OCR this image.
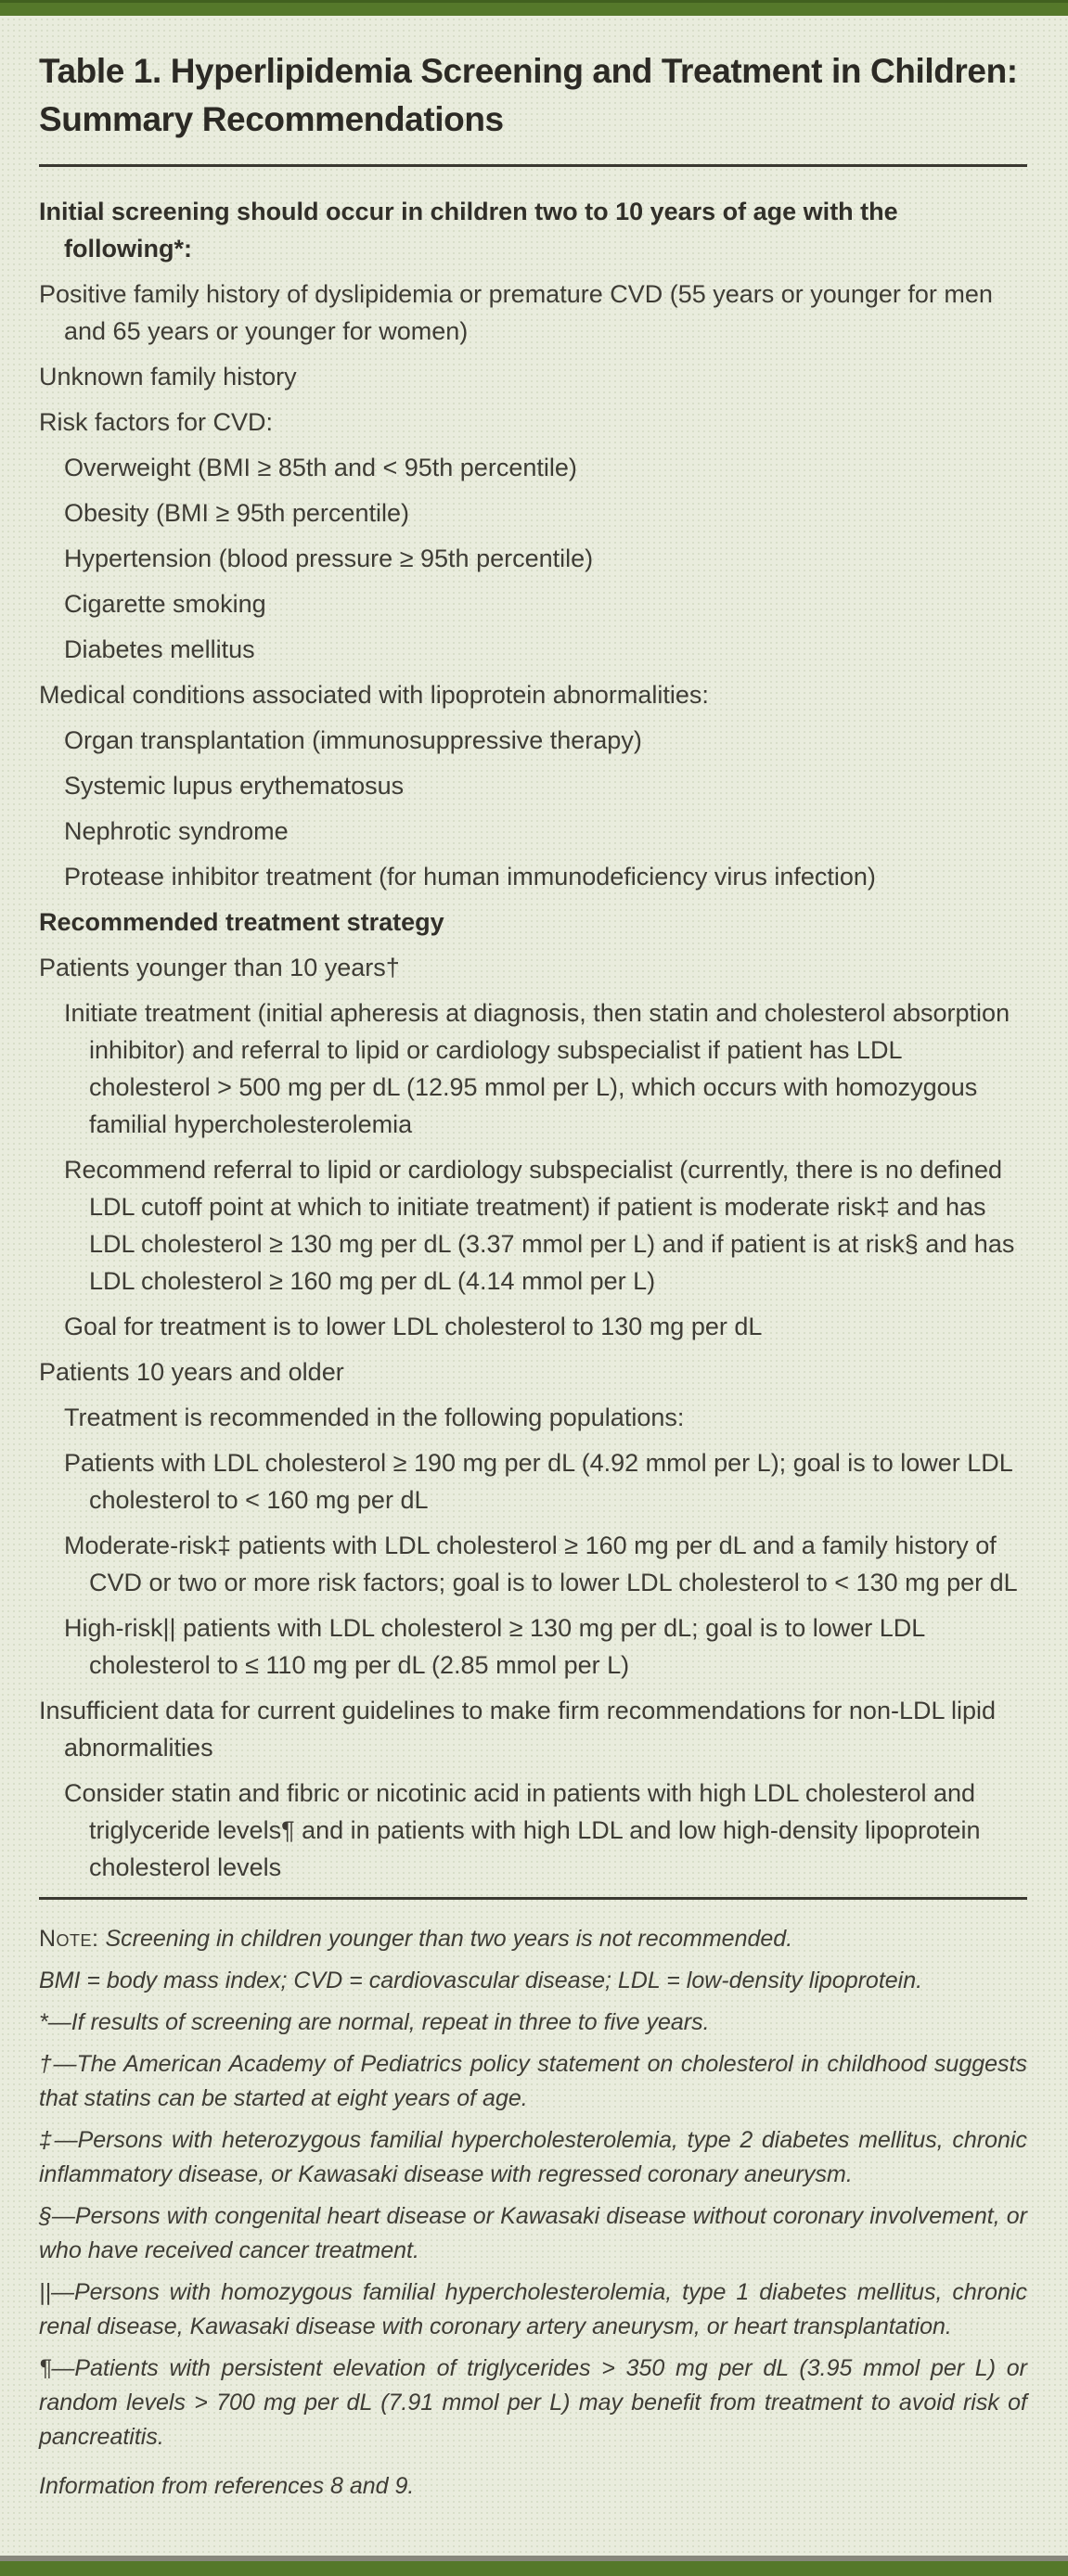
Table 1. Hyperlipidemia Screening and Treatment in Children: Summary Recommendations

Initial screening should occur in children two to 10 years of age with the following*:

Positive family history of dyslipidemia or premature CVD (55 years or younger for men and 65 years or younger for women)

Unknown family history

Risk factors for CVD:

Overweight (BMI ≥ 85th and < 95th percentile)

Obesity (BMI ≥ 95th percentile)

Hypertension (blood pressure ≥ 95th percentile)

Cigarette smoking

Diabetes mellitus

Medical conditions associated with lipoprotein abnormalities:

Organ transplantation (immunosuppressive therapy)

Systemic lupus erythematosus

Nephrotic syndrome

Protease inhibitor treatment (for human immunodeficiency virus infection)

Recommended treatment strategy

Patients younger than 10 years†

Initiate treatment (initial apheresis at diagnosis, then statin and cholesterol absorption inhibitor) and referral to lipid or cardiology subspecialist if patient has LDL cholesterol > 500 mg per dL (12.95 mmol per L), which occurs with homozygous familial hypercholesterolemia

Recommend referral to lipid or cardiology subspecialist (currently, there is no defined LDL cutoff point at which to initiate treatment) if patient is moderate risk‡ and has LDL cholesterol ≥ 130 mg per dL (3.37 mmol per L) and if patient is at risk§ and has LDL cholesterol ≥ 160 mg per dL (4.14 mmol per L)

Goal for treatment is to lower LDL cholesterol to 130 mg per dL

Patients 10 years and older

Treatment is recommended in the following populations:

Patients with LDL cholesterol ≥ 190 mg per dL (4.92 mmol per L); goal is to lower LDL cholesterol to < 160 mg per dL

Moderate-risk‡ patients with LDL cholesterol ≥ 160 mg per dL and a family history of CVD or two or more risk factors; goal is to lower LDL cholesterol to < 130 mg per dL

High-risk|| patients with LDL cholesterol ≥ 130 mg per dL; goal is to lower LDL cholesterol to ≤ 110 mg per dL (2.85 mmol per L)

Insufficient data for current guidelines to make firm recommendations for non-LDL lipid abnormalities

Consider statin and fibric or nicotinic acid in patients with high LDL cholesterol and triglyceride levels¶ and in patients with high LDL and low high-density lipoprotein cholesterol levels

Note: Screening in children younger than two years is not recommended.

BMI = body mass index; CVD = cardiovascular disease; LDL = low-density lipoprotein.

*—If results of screening are normal, repeat in three to five years.

†—The American Academy of Pediatrics policy statement on cholesterol in childhood suggests that statins can be started at eight years of age.

‡—Persons with heterozygous familial hypercholesterolemia, type 2 diabetes mellitus, chronic inflammatory disease, or Kawasaki disease with regressed coronary aneurysm.

§—Persons with congenital heart disease or Kawasaki disease without coronary involvement, or who have received cancer treatment.

||—Persons with homozygous familial hypercholesterolemia, type 1 diabetes mellitus, chronic renal disease, Kawasaki disease with coronary artery aneurysm, or heart transplantation.

¶—Patients with persistent elevation of triglycerides > 350 mg per dL (3.95 mmol per L) or random levels > 700 mg per dL (7.91 mmol per L) may benefit from treatment to avoid risk of pancreatitis.

Information from references 8 and 9.
